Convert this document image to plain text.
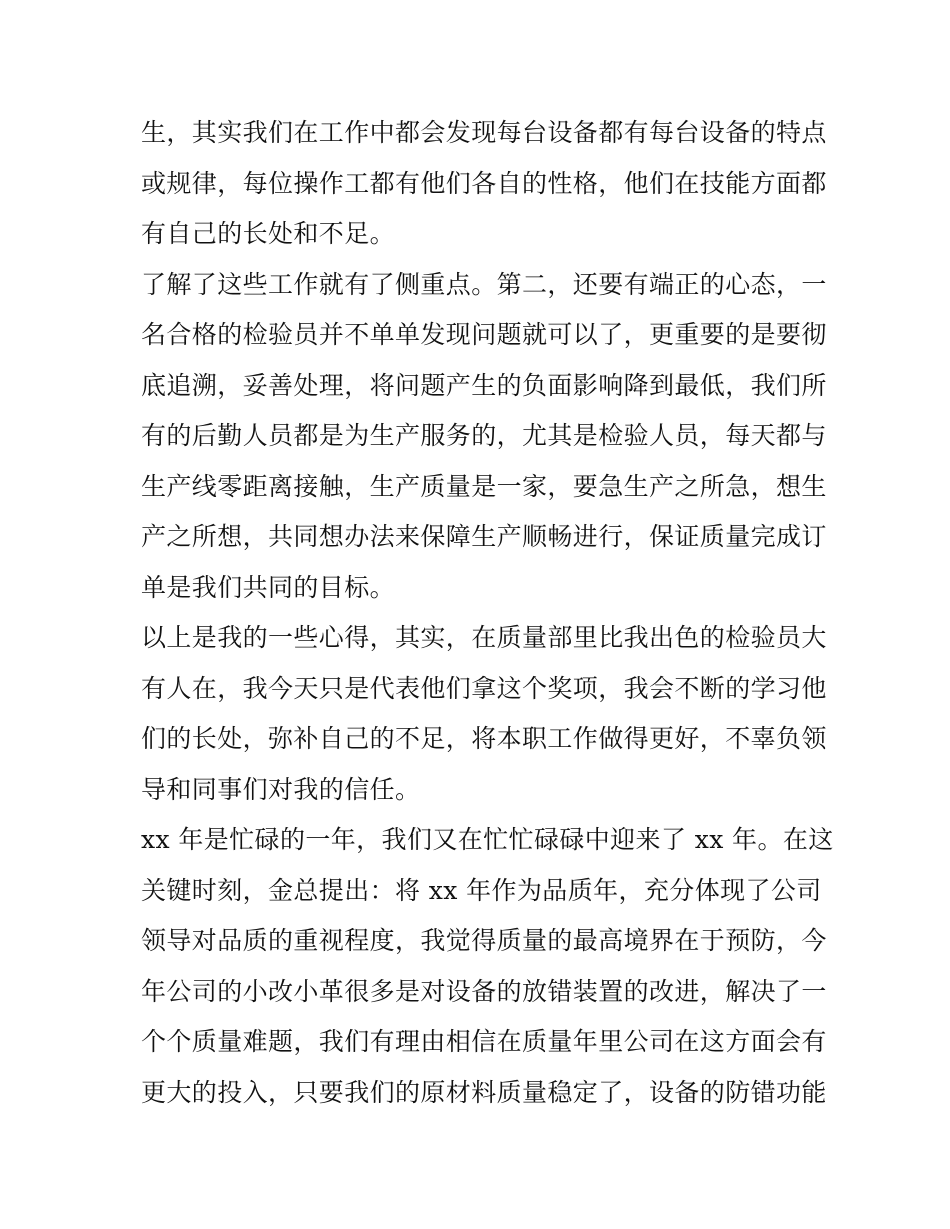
生，其实我们在工作中都会发现每台设备都有每台设备的特点
或规律，每位操作工都有他们各自的性格，他们在技能方面都
有自己的长处和不足。
了解了这些工作就有了侧重点。第二，还要有端正的心态，一
名合格的检验员并不单单发现问题就可以了，更重要的是要彻
底追溯，妥善处理，将问题产生的负面影响降到最低，我们所
有的后勤人员都是为生产服务的，尤其是检验人员，每天都与
生产线零距离接触，生产质量是一家，要急生产之所急，想生
产之所想，共同想办法来保障生产顺畅进行，保证质量完成订
单是我们共同的目标。
以上是我的一些心得，其实，在质量部里比我出色的检验员大
有人在，我今天只是代表他们拿这个奖项，我会不断的学习他
们的长处，弥补自己的不足，将本职工作做得更好，不辜负领
导和同事们对我的信任。
xx 年是忙碌的一年，我们又在忙忙碌碌中迎来了 xx 年。在这
关键时刻，金总提出：将 xx 年作为品质年，充分体现了公司
领导对品质的重视程度，我觉得质量的最高境界在于预防，今
年公司的小改小革很多是对设备的放错装置的改进，解决了一
个个质量难题，我们有理由相信在质量年里公司在这方面会有
更大的投入，只要我们的原材料质量稳定了，设备的防错功能
